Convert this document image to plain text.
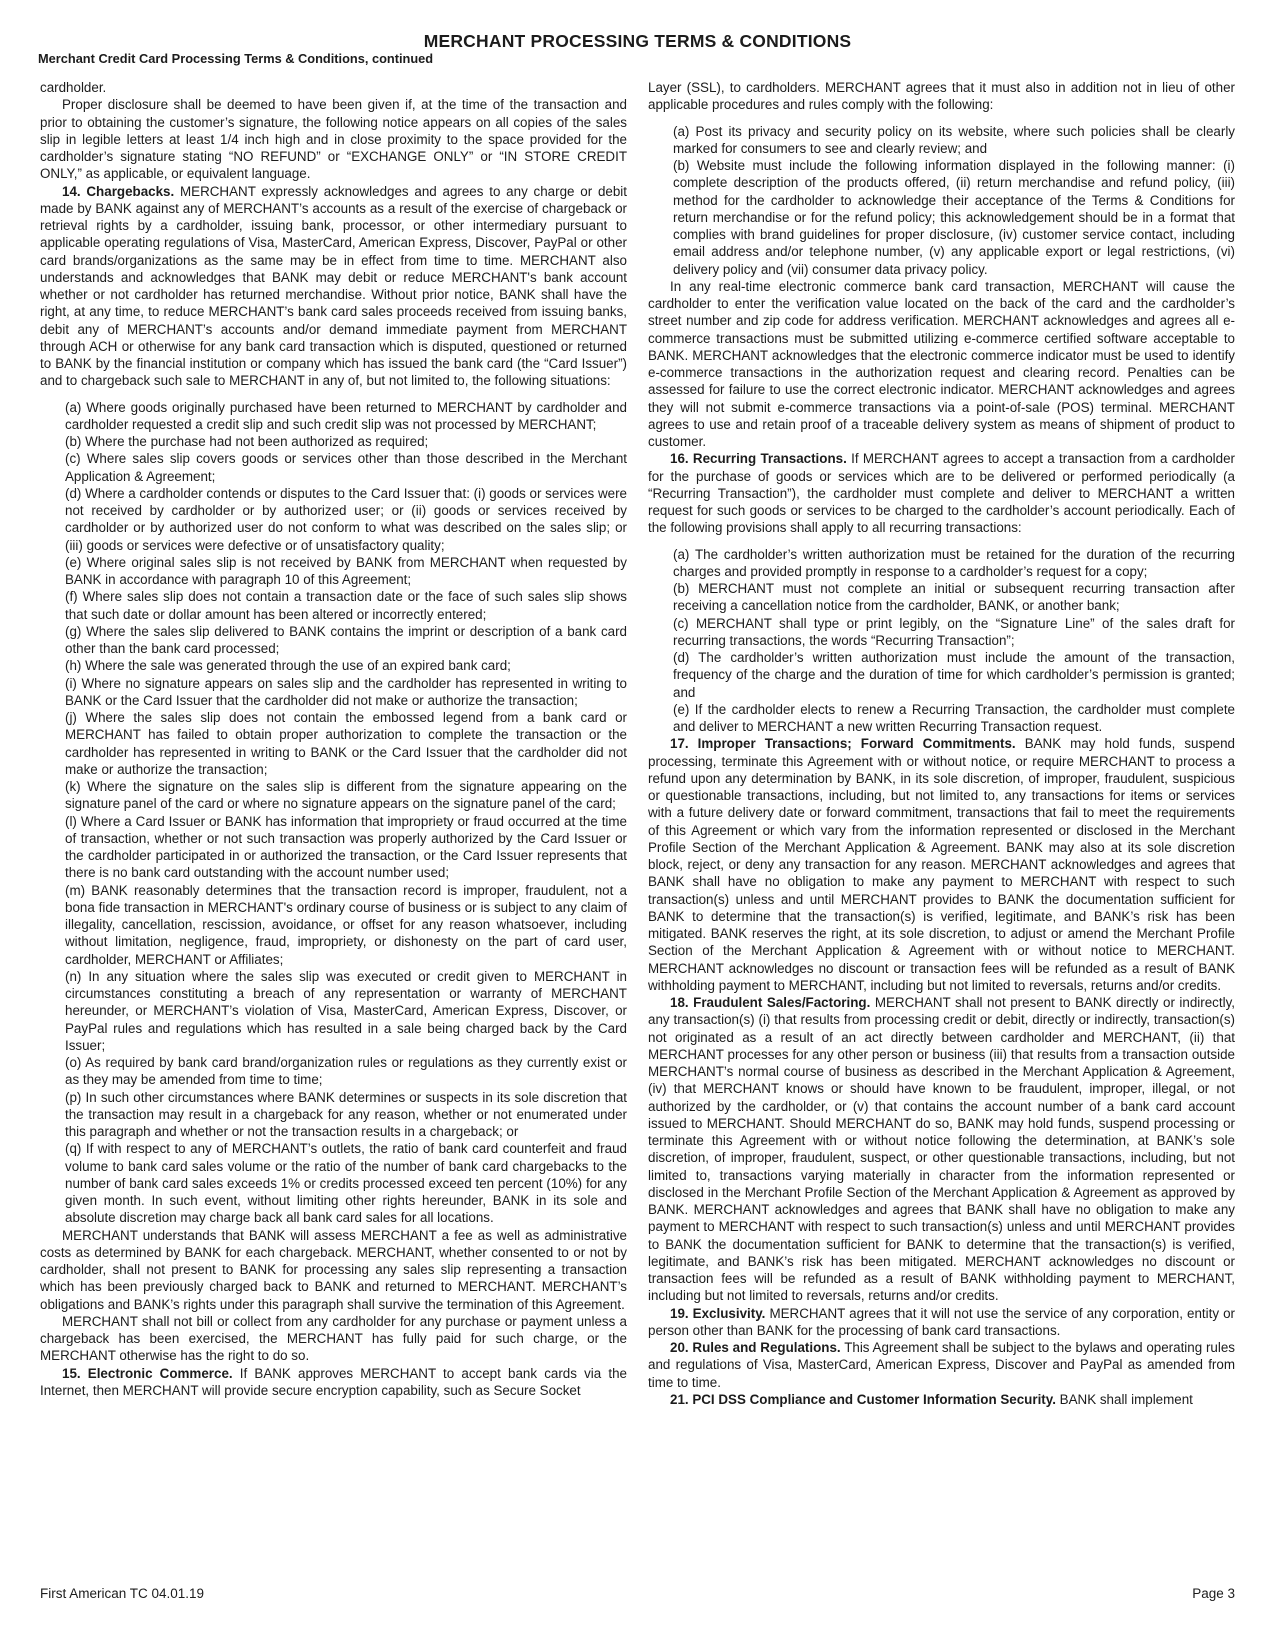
MERCHANT PROCESSING TERMS & CONDITIONS
Merchant Credit Card Processing Terms & Conditions, continued

cardholder.

Proper disclosure shall be deemed to have been given if, at the time of the transaction and prior to obtaining the customer’s signature, the following notice appears on all copies of the sales slip in legible letters at least 1/4 inch high and in close proximity to the space provided for the cardholder’s signature stating “NO REFUND” or “EXCHANGE ONLY” or “IN STORE CREDIT ONLY,” as applicable, or equivalent language.

14. Chargebacks. MERCHANT expressly acknowledges and agrees to any charge or debit made by BANK against any of MERCHANT’s accounts as a result of the exercise of chargeback or retrieval rights by a cardholder, issuing bank, processor, or other intermediary pursuant to applicable operating regulations of Visa, MasterCard, American Express, Discover, PayPal or other card brands/organizations as the same may be in effect from time to time. MERCHANT also understands and acknowledges that BANK may debit or reduce MERCHANT's bank account whether or not cardholder has returned merchandise. Without prior notice, BANK shall have the right, at any time, to reduce MERCHANT’s bank card sales proceeds received from issuing banks, debit any of MERCHANT’s accounts and/or demand immediate payment from MERCHANT through ACH or otherwise for any bank card transaction which is disputed, questioned or returned to BANK by the financial institution or company which has issued the bank card (the “Card Issuer”) and to chargeback such sale to MERCHANT in any of, but not limited to, the following situations:

(a) Where goods originally purchased have been returned to MERCHANT by cardholder and cardholder requested a credit slip and such credit slip was not processed by MERCHANT;

(b) Where the purchase had not been authorized as required;

(c) Where sales slip covers goods or services other than those described in the Merchant Application & Agreement;

(d) Where a cardholder contends or disputes to the Card Issuer that: (i) goods or services were not received by cardholder or by authorized user; or (ii) goods or services received by cardholder or by authorized user do not conform to what was described on the sales slip; or (iii) goods or services were defective or of unsatisfactory quality;

(e) Where original sales slip is not received by BANK from MERCHANT when requested by BANK in accordance with paragraph 10 of this Agreement;

(f) Where sales slip does not contain a transaction date or the face of such sales slip shows that such date or dollar amount has been altered or incorrectly entered;

(g) Where the sales slip delivered to BANK contains the imprint or description of a bank card other than the bank card processed;

(h) Where the sale was generated through the use of an expired bank card;

(i) Where no signature appears on sales slip and the cardholder has represented in writing to BANK or the Card Issuer that the cardholder did not make or authorize the transaction;

(j) Where the sales slip does not contain the embossed legend from a bank card or MERCHANT has failed to obtain proper authorization to complete the transaction or the cardholder has represented in writing to BANK or the Card Issuer that the cardholder did not make or authorize the transaction;

(k) Where the signature on the sales slip is different from the signature appearing on the signature panel of the card or where no signature appears on the signature panel of the card;

(l) Where a Card Issuer or BANK has information that impropriety or fraud occurred at the time of transaction, whether or not such transaction was properly authorized by the Card Issuer or the cardholder participated in or authorized the transaction, or the Card Issuer represents that there is no bank card outstanding with the account number used;

(m) BANK reasonably determines that the transaction record is improper, fraudulent, not a bona fide transaction in MERCHANT's ordinary course of business or is subject to any claim of illegality, cancellation, rescission, avoidance, or offset for any reason whatsoever, including without limitation, negligence, fraud, impropriety, or dishonesty on the part of card user, cardholder, MERCHANT or Affiliates;

(n) In any situation where the sales slip was executed or credit given to MERCHANT in circumstances constituting a breach of any representation or warranty of MERCHANT hereunder, or MERCHANT’s violation of Visa, MasterCard, American Express, Discover, or PayPal rules and regulations which has resulted in a sale being charged back by the Card Issuer;

(o) As required by bank card brand/organization rules or regulations as they currently exist or as they may be amended from time to time;

(p) In such other circumstances where BANK determines or suspects in its sole discretion that the transaction may result in a chargeback for any reason, whether or not enumerated under this paragraph and whether or not the transaction results in a chargeback; or

(q) If with respect to any of MERCHANT’s outlets, the ratio of bank card counterfeit and fraud volume to bank card sales volume or the ratio of the number of bank card chargebacks to the number of bank card sales exceeds 1% or credits processed exceed ten percent (10%) for any given month. In such event, without limiting other rights hereunder, BANK in its sole and absolute discretion may charge back all bank card sales for all locations.

MERCHANT understands that BANK will assess MERCHANT a fee as well as administrative costs as determined by BANK for each chargeback. MERCHANT, whether consented to or not by cardholder, shall not present to BANK for processing any sales slip representing a transaction which has been previously charged back to BANK and returned to MERCHANT. MERCHANT’s obligations and BANK’s rights under this paragraph shall survive the termination of this Agreement.

MERCHANT shall not bill or collect from any cardholder for any purchase or payment unless a chargeback has been exercised, the MERCHANT has fully paid for such charge, or the MERCHANT otherwise has the right to do so.

15. Electronic Commerce. If BANK approves MERCHANT to accept bank cards via the Internet, then MERCHANT will provide secure encryption capability, such as Secure Socket

Layer (SSL), to cardholders. MERCHANT agrees that it must also in addition not in lieu of other applicable procedures and rules comply with the following:

(a) Post its privacy and security policy on its website, where such policies shall be clearly marked for consumers to see and clearly review; and

(b) Website must include the following information displayed in the following manner: (i) complete description of the products offered, (ii) return merchandise and refund policy, (iii) method for the cardholder to acknowledge their acceptance of the Terms & Conditions for return merchandise or for the refund policy; this acknowledgement should be in a format that complies with brand guidelines for proper disclosure, (iv) customer service contact, including email address and/or telephone number, (v) any applicable export or legal restrictions, (vi) delivery policy and (vii) consumer data privacy policy.

In any real-time electronic commerce bank card transaction, MERCHANT will cause the cardholder to enter the verification value located on the back of the card and the cardholder’s street number and zip code for address verification. MERCHANT acknowledges and agrees all e-commerce transactions must be submitted utilizing e-commerce certified software acceptable to BANK. MERCHANT acknowledges that the electronic commerce indicator must be used to identify e-commerce transactions in the authorization request and clearing record. Penalties can be assessed for failure to use the correct electronic indicator. MERCHANT acknowledges and agrees they will not submit e-commerce transactions via a point-of-sale (POS) terminal. MERCHANT agrees to use and retain proof of a traceable delivery system as means of shipment of product to customer.

16. Recurring Transactions. If MERCHANT agrees to accept a transaction from a cardholder for the purchase of goods or services which are to be delivered or performed periodically (a “Recurring Transaction”), the cardholder must complete and deliver to MERCHANT a written request for such goods or services to be charged to the cardholder’s account periodically. Each of the following provisions shall apply to all recurring transactions:

(a) The cardholder’s written authorization must be retained for the duration of the recurring charges and provided promptly in response to a cardholder’s request for a copy;

(b) MERCHANT must not complete an initial or subsequent recurring transaction after receiving a cancellation notice from the cardholder, BANK, or another bank;

(c) MERCHANT shall type or print legibly, on the “Signature Line” of the sales draft for recurring transactions, the words “Recurring Transaction”;

(d) The cardholder’s written authorization must include the amount of the transaction, frequency of the charge and the duration of time for which cardholder’s permission is granted; and

(e) If the cardholder elects to renew a Recurring Transaction, the cardholder must complete and deliver to MERCHANT a new written Recurring Transaction request.

17. Improper Transactions; Forward Commitments. BANK may hold funds, suspend processing, terminate this Agreement with or without notice, or require MERCHANT to process a refund upon any determination by BANK, in its sole discretion, of improper, fraudulent, suspicious or questionable transactions, including, but not limited to, any transactions for items or services with a future delivery date or forward commitment, transactions that fail to meet the requirements of this Agreement or which vary from the information represented or disclosed in the Merchant Profile Section of the Merchant Application & Agreement. BANK may also at its sole discretion block, reject, or deny any transaction for any reason. MERCHANT acknowledges and agrees that BANK shall have no obligation to make any payment to MERCHANT with respect to such transaction(s) unless and until MERCHANT provides to BANK the documentation sufficient for BANK to determine that the transaction(s) is verified, legitimate, and BANK’s risk has been mitigated. BANK reserves the right, at its sole discretion, to adjust or amend the Merchant Profile Section of the Merchant Application & Agreement with or without notice to MERCHANT. MERCHANT acknowledges no discount or transaction fees will be refunded as a result of BANK withholding payment to MERCHANT, including but not limited to reversals, returns and/or credits.

18. Fraudulent Sales/Factoring. MERCHANT shall not present to BANK directly or indirectly, any transaction(s) (i) that results from processing credit or debit, directly or indirectly, transaction(s) not originated as a result of an act directly between cardholder and MERCHANT, (ii) that MERCHANT processes for any other person or business (iii) that results from a transaction outside MERCHANT’s normal course of business as described in the Merchant Application & Agreement, (iv) that MERCHANT knows or should have known to be fraudulent, improper, illegal, or not authorized by the cardholder, or (v) that contains the account number of a bank card account issued to MERCHANT. Should MERCHANT do so, BANK may hold funds, suspend processing or terminate this Agreement with or without notice following the determination, at BANK’s sole discretion, of improper, fraudulent, suspect, or other questionable transactions, including, but not limited to, transactions varying materially in character from the information represented or disclosed in the Merchant Profile Section of the Merchant Application & Agreement as approved by BANK. MERCHANT acknowledges and agrees that BANK shall have no obligation to make any payment to MERCHANT with respect to such transaction(s) unless and until MERCHANT provides to BANK the documentation sufficient for BANK to determine that the transaction(s) is verified, legitimate, and BANK’s risk has been mitigated. MERCHANT acknowledges no discount or transaction fees will be refunded as a result of BANK withholding payment to MERCHANT, including but not limited to reversals, returns and/or credits.

19. Exclusivity. MERCHANT agrees that it will not use the service of any corporation, entity or person other than BANK for the processing of bank card transactions.

20. Rules and Regulations. This Agreement shall be subject to the bylaws and operating rules and regulations of Visa, MasterCard, American Express, Discover and PayPal as amended from time to time.

21. PCI DSS Compliance and Customer Information Security. BANK shall implement

First American TC 04.01.19	Page 3
